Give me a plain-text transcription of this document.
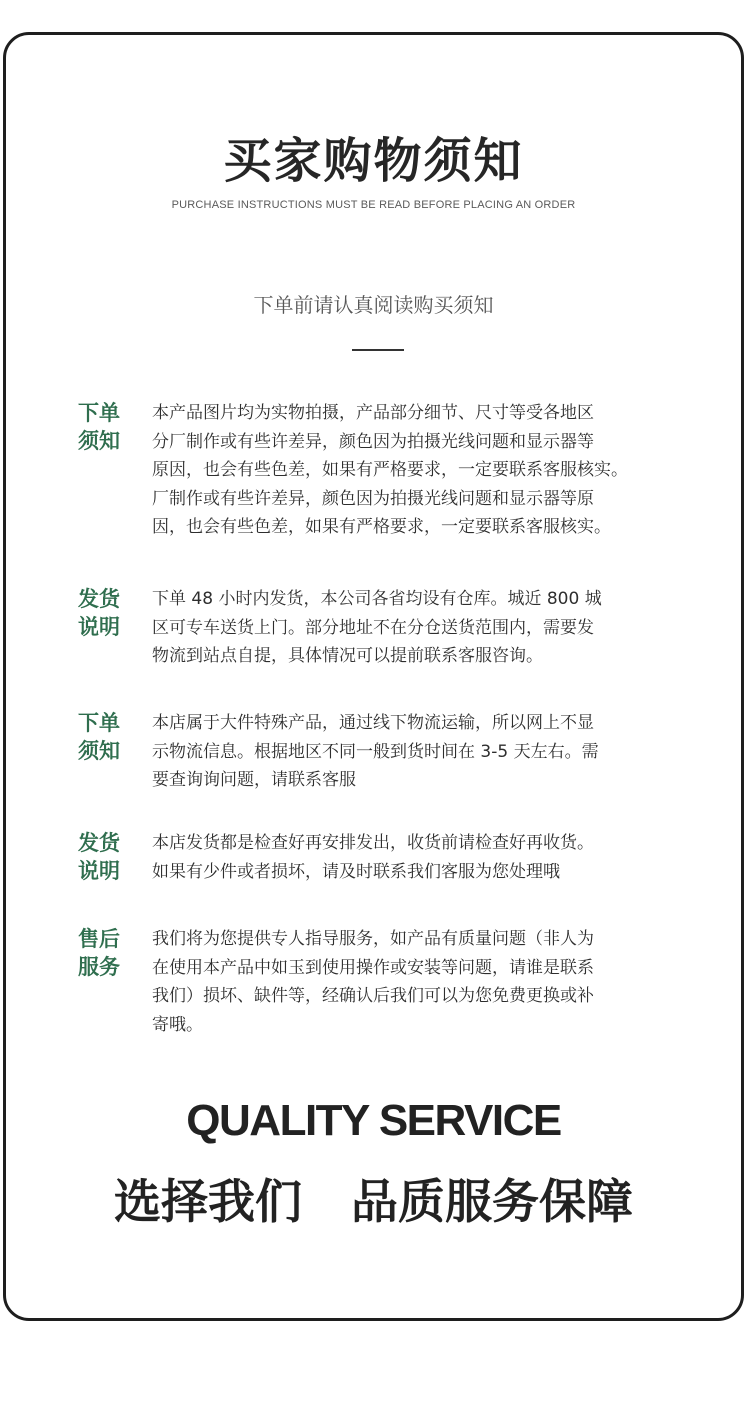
买家购物须知
PURCHASE INSTRUCTIONS MUST BE READ BEFORE PLACING AN ORDER
下单前请认真阅读购买须知
下单
须知
本产品图片均为实物拍摄，产品部分细节、尺寸等受各地区
分厂制作或有些许差异，颜色因为拍摄光线问题和显示器等
原因，也会有些色差，如果有严格要求，一定要联系客服核实。
厂制作或有些许差异，颜色因为拍摄光线问题和显示器等原
因，也会有些色差，如果有严格要求，一定要联系客服核实。
发货
说明
下单 48 小时内发货，本公司各省均设有仓库。城近 800 城
区可专车送货上门。部分地址不在分仓送货范围内，需要发
物流到站点自提，具体情况可以提前联系客服咨询。
下单
须知
本店属于大件特殊产品，通过线下物流运输，所以网上不显
示物流信息。根据地区不同一般到货时间在 3-5 天左右。需
要查询询问题，请联系客服
发货
说明
本店发货都是检查好再安排发出，收货前请检查好再收货。
如果有少件或者损坏，请及时联系我们客服为您处理哦
售后
服务
我们将为您提供专人指导服务，如产品有质量问题（非人为
在使用本产品中如玉到使用操作或安装等问题，请谁是联系
我们）损坏、缺件等，经确认后我们可以为您免费更换或补
寄哦。
QUALITY SERVICE
选择我们   品质服务保障
